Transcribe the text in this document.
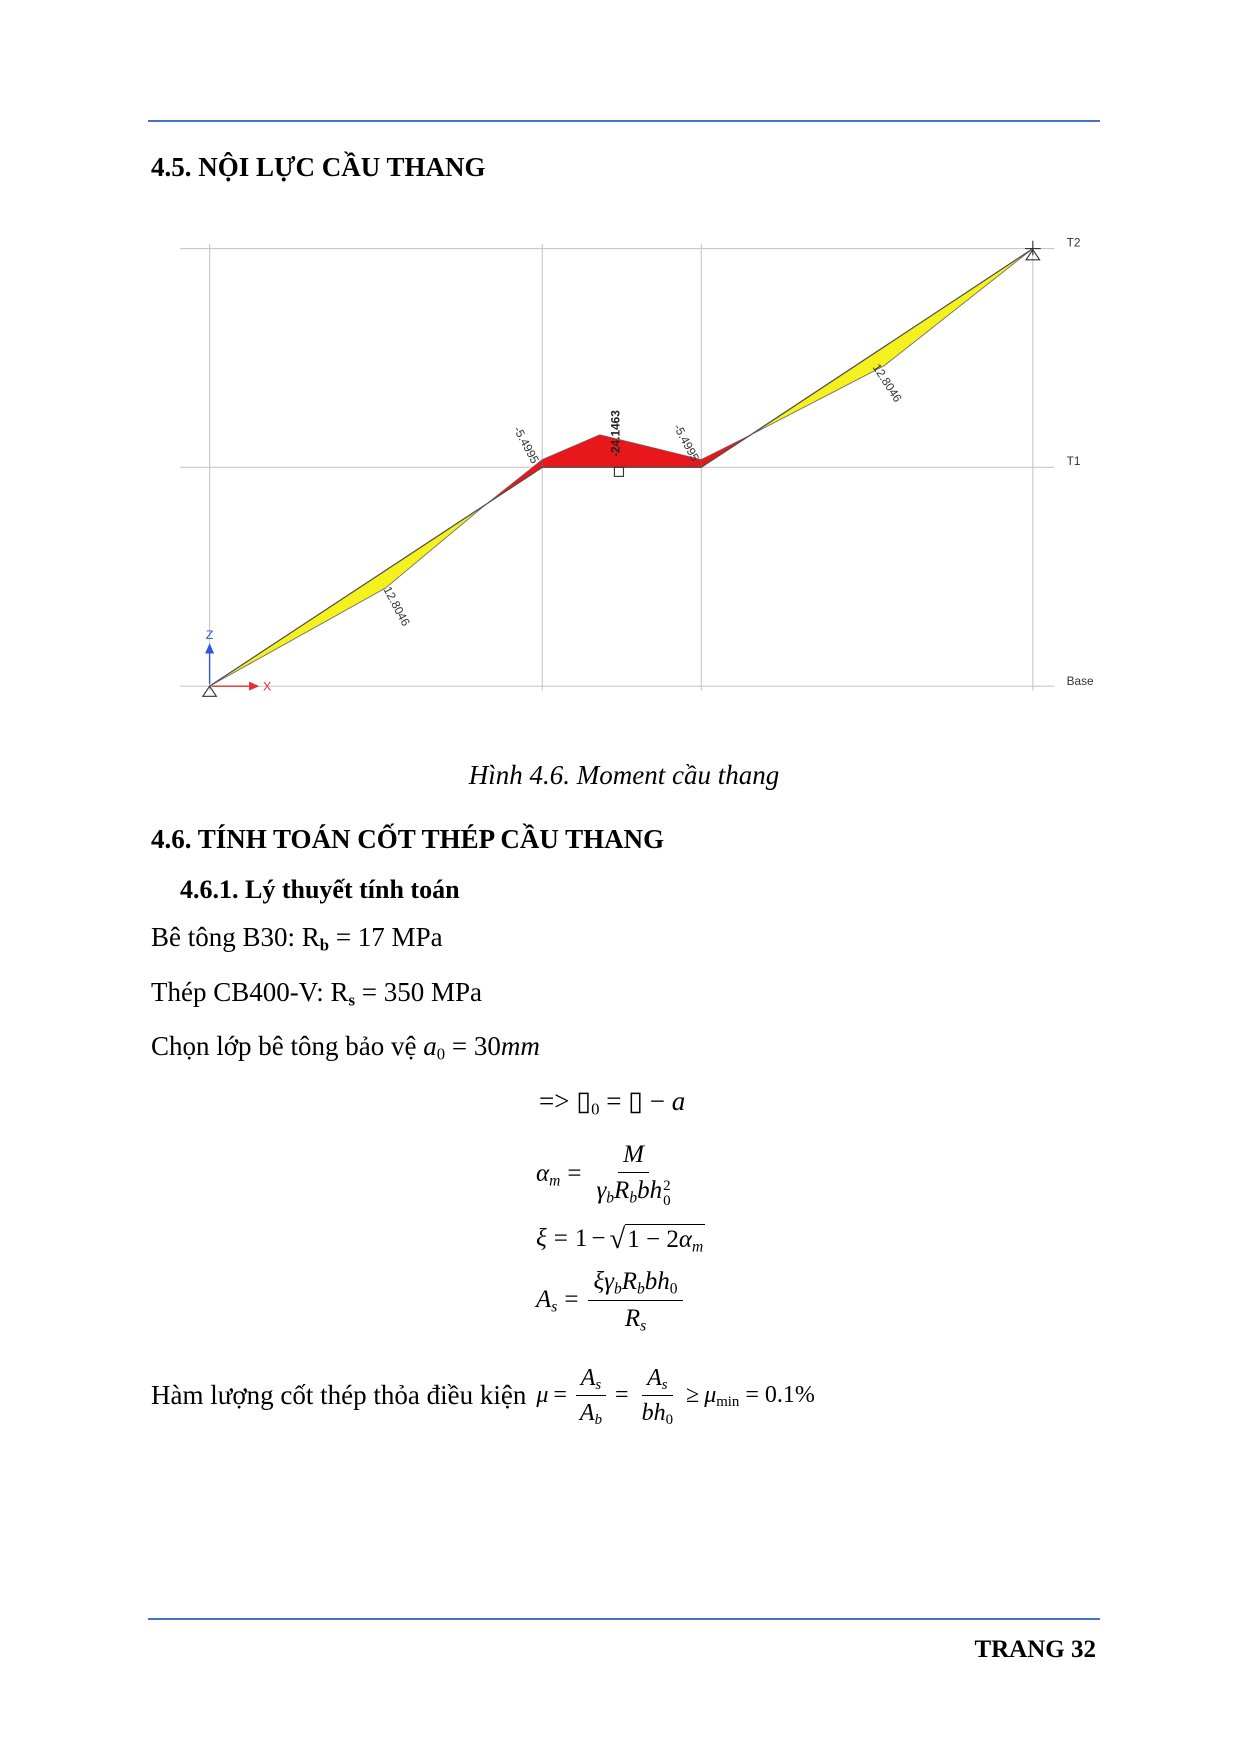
4.5. NỘI LỰC CẦU THANG
T2
T1
Base
Z
X
12.8046
-5.4995	-24.1463	-5.4995
12.8046
Hình 4.6. Moment cầu thang
4.6. TÍNH TOÁN CỐT THÉP CẦU THANG
4.6.1. Lý thuyết tính toán
Bê tông B30: Rb = 17 MPa
Thép CB400-V: Rs = 350 MPa
Chọn lớp bê tông bảo vệ a0 = 30mm
=> ▯0 = ▯ − a
αm = M
γbRbbh 2
0
ξ = 1 − √ 1 − 2αm
$As = \frac{\text{ξγbRbbh0}}{Rs}$
Hàm lượng cốt thép thỏa điều kiện $\mu = \frac{As}{Ab} = \frac{As}{bh0} \ge \mu\min = 0.1\%$
TRANG 32
